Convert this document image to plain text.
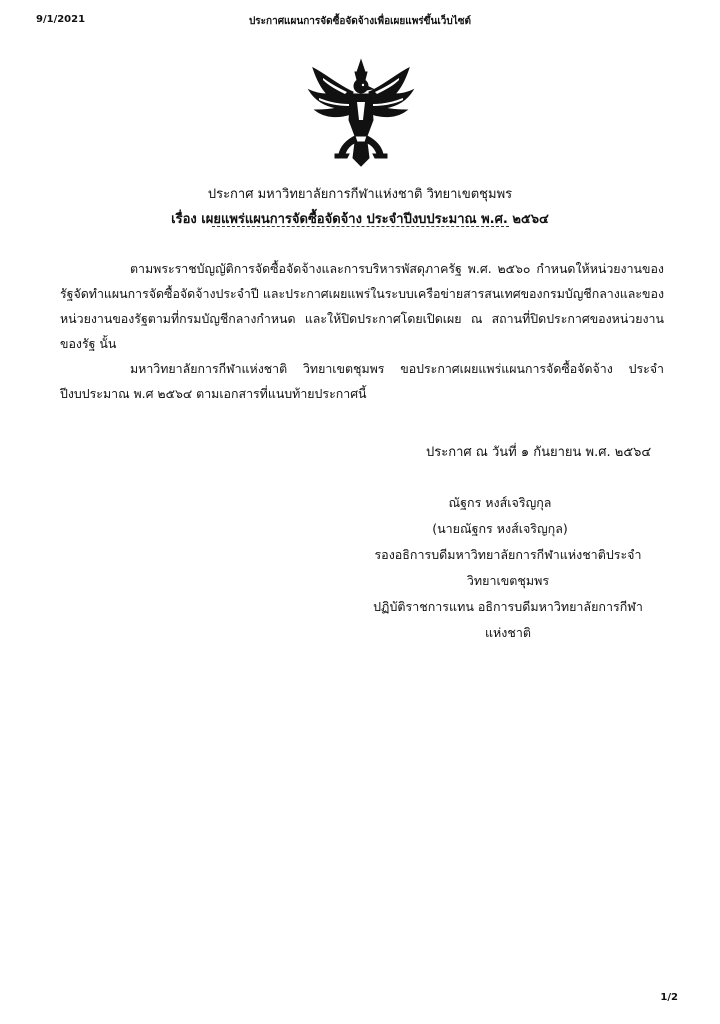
ประกาศแผนการจัดซื้อจัดจ้างเพื่อเผยแพร่ขึ้นเว็บไซต์
9/1/2021
ประกาศ มหาวิทยาลัยการกีฬาแห่งชาติ วิทยาเขตชุมพร
เรื่อง เผยแพร่แผนการจัดซื้อจัดจ้าง ประจำปีงบประมาณ พ.ศ. ๒๕๖๔
ตามพระราชบัญญัติการจัดซื้อจัดจ้างและการบริหารพัสดุภาครัฐ พ.ศ. ๒๕๖๐ กำหนดให้หน่วยงานของรัฐจัดทำแผนการจัดซื้อจัดจ้างประจำปี และประกาศเผยแพร่ในระบบเครือข่ายสารสนเทศของกรมบัญชีกลางและของหน่วยงานของรัฐตามที่กรมบัญชีกลางกำหนด และให้ปิดประกาศโดยเปิดเผย ณ สถานที่ปิดประกาศของหน่วยงานของรัฐ นั้น
มหาวิทยาลัยการกีฬาแห่งชาติ วิทยาเขตชุมพร ขอประกาศเผยแพร่แผนการจัดซื้อจัดจ้าง ประจำปีงบประมาณ พ.ศ ๒๕๖๔ ตามเอกสารที่แนบท้ายประกาศนี้
ประกาศ ณ วันที่ ๑ กันยายน พ.ศ. ๒๕๖๔
ณัฐกร หงส์เจริญกุล
(นายณัฐกร หงส์เจริญกุล)
รองอธิการบดีมหาวิทยาลัยการกีฬาแห่งชาติประจำ
วิทยาเขตชุมพร
ปฏิบัติราชการแทน อธิการบดีมหาวิทยาลัยการกีฬา
แห่งชาติ
1/2
